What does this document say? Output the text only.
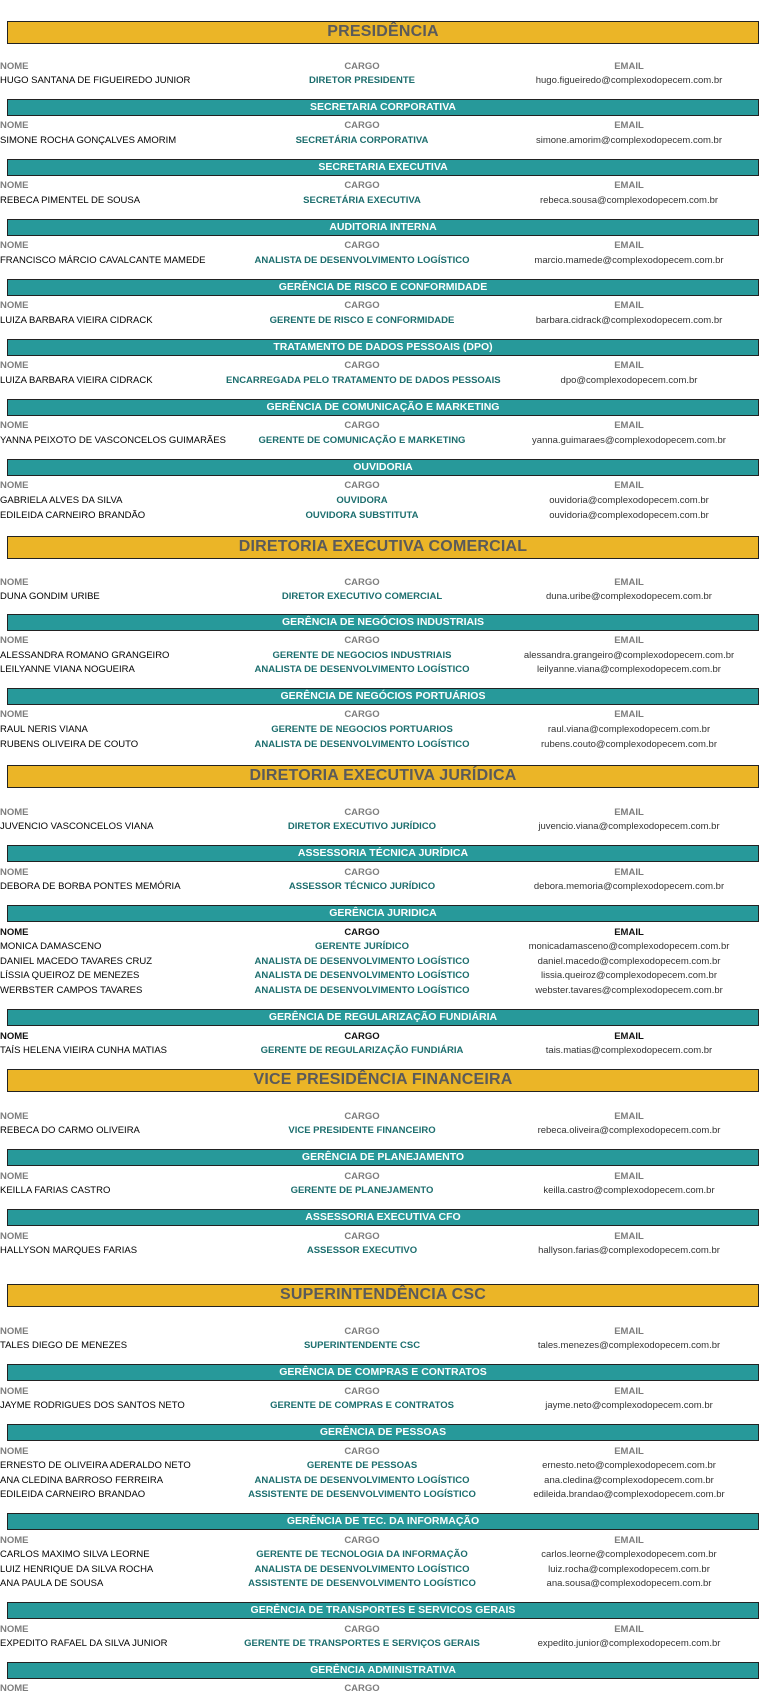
PRESIDÊNCIA
NOME	CARGO	EMAIL
HUGO SANTANA DE FIGUEIREDO JUNIOR	DIRETOR PRESIDENTE	hugo.figueiredo@complexodopecem.com.br
SECRETARIA CORPORATIVA
NOME	CARGO	EMAIL
SIMONE ROCHA GONÇALVES AMORIM	SECRETÁRIA CORPORATIVA	simone.amorim@complexodopecem.com.br
SECRETARIA EXECUTIVA
NOME	CARGO	EMAIL
REBECA PIMENTEL DE SOUSA	SECRETÁRIA EXECUTIVA	rebeca.sousa@complexodopecem.com.br
AUDITORIA INTERNA
NOME	CARGO	EMAIL
FRANCISCO MÁRCIO CAVALCANTE MAMEDE	ANALISTA DE DESENVOLVIMENTO LOGÍSTICO	marcio.mamede@complexodopecem.com.br
GERÊNCIA DE RISCO E CONFORMIDADE
NOME	CARGO	EMAIL
LUIZA BARBARA VIEIRA CIDRACK	GERENTE DE RISCO E CONFORMIDADE	barbara.cidrack@complexodopecem.com.br
TRATAMENTO DE DADOS PESSOAIS (DPO)
NOME	CARGO	EMAIL
LUIZA BARBARA VIEIRA CIDRACK	ENCARREGADA PELO TRATAMENTO DE DADOS PESSOAIS	dpo@complexodopecem.com.br
GERÊNCIA DE COMUNICAÇÃO E MARKETING
NOME	CARGO	EMAIL
YANNA PEIXOTO DE VASCONCELOS GUIMARÃES	GERENTE DE COMUNICAÇÃO E MARKETING	yanna.guimaraes@complexodopecem.com.br
OUVIDORIA
NOME	CARGO	EMAIL
GABRIELA ALVES DA SILVA	OUVIDORA	ouvidoria@complexodopecem.com.br
EDILEIDA CARNEIRO BRANDÃO	OUVIDORA SUBSTITUTA	ouvidoria@complexodopecem.com.br
DIRETORIA EXECUTIVA COMERCIAL
NOME	CARGO	EMAIL
DUNA GONDIM URIBE	DIRETOR EXECUTIVO COMERCIAL	duna.uribe@complexodopecem.com.br
GERÊNCIA DE NEGÓCIOS INDUSTRIAIS
NOME	CARGO	EMAIL
ALESSANDRA ROMANO GRANGEIRO	GERENTE DE NEGOCIOS INDUSTRIAIS	alessandra.grangeiro@complexodopecem.com.br
LEILYANNE VIANA NOGUEIRA	ANALISTA DE DESENVOLVIMENTO LOGÍSTICO	leilyanne.viana@complexodopecem.com.br
GERÊNCIA DE NEGÓCIOS PORTUÁRIOS
NOME	CARGO	EMAIL
RAUL NERIS VIANA	GERENTE DE NEGOCIOS PORTUARIOS	raul.viana@complexodopecem.com.br
RUBENS OLIVEIRA DE COUTO	ANALISTA DE DESENVOLVIMENTO LOGÍSTICO	rubens.couto@complexodopecem.com.br
DIRETORIA EXECUTIVA JURÍDICA
NOME	CARGO	EMAIL
JUVENCIO VASCONCELOS VIANA	DIRETOR EXECUTIVO JURÍDICO	juvencio.viana@complexodopecem.com.br
ASSESSORIA TÉCNICA JURÍDICA
NOME	CARGO	EMAIL
DEBORA DE BORBA PONTES MEMÓRIA	ASSESSOR TÉCNICO JURÍDICO	debora.memoria@complexodopecem.com.br
GERÊNCIA JURIDICA
NOME	CARGO	EMAIL
MONICA DAMASCENO	GERENTE JURÍDICO	monicadamasceno@complexodopecem.com.br
DANIEL MACEDO TAVARES CRUZ	ANALISTA DE DESENVOLVIMENTO LOGÍSTICO	daniel.macedo@complexodopecem.com.br
LÍSSIA QUEIROZ DE MENEZES	ANALISTA DE DESENVOLVIMENTO LOGÍSTICO	lissia.queiroz@complexodopecem.com.br
WERBSTER CAMPOS TAVARES	ANALISTA DE DESENVOLVIMENTO LOGÍSTICO	webster.tavares@complexodopecem.com.br
GERÊNCIA DE REGULARIZAÇÃO FUNDIÁRIA
NOME	CARGO	EMAIL
TAÍS HELENA VIEIRA CUNHA MATIAS	GERENTE DE REGULARIZAÇÃO FUNDIÁRIA	tais.matias@complexodopecem.com.br
VICE PRESIDÊNCIA FINANCEIRA
NOME	CARGO	EMAIL
REBECA DO CARMO OLIVEIRA	VICE PRESIDENTE FINANCEIRO	rebeca.oliveira@complexodopecem.com.br
GERÊNCIA DE PLANEJAMENTO
NOME	CARGO	EMAIL
KEILLA FARIAS CASTRO	GERENTE DE PLANEJAMENTO	keilla.castro@complexodopecem.com.br
ASSESSORIA EXECUTIVA CFO
NOME	CARGO	EMAIL
HALLYSON MARQUES FARIAS	ASSESSOR EXECUTIVO	hallyson.farias@complexodopecem.com.br
SUPERINTENDÊNCIA CSC
NOME	CARGO	EMAIL
TALES DIEGO DE MENEZES	SUPERINTENDENTE CSC	tales.menezes@complexodopecem.com.br
GERÊNCIA DE COMPRAS E CONTRATOS
NOME	CARGO	EMAIL
JAYME RODRIGUES DOS SANTOS NETO	GERENTE DE COMPRAS E CONTRATOS	jayme.neto@complexodopecem.com.br
GERÊNCIA DE PESSOAS
NOME	CARGO	EMAIL
ERNESTO DE OLIVEIRA ADERALDO NETO	GERENTE DE PESSOAS	ernesto.neto@complexodopecem.com.br
ANA CLEDINA BARROSO FERREIRA	ANALISTA DE DESENVOLVIMENTO LOGÍSTICO	ana.cledina@complexodopecem.com.br
EDILEIDA CARNEIRO BRANDAO	ASSISTENTE DE DESENVOLVIMENTO LOGÍSTICO	edileida.brandao@complexodopecem.com.br
GERÊNCIA DE TEC. DA INFORMAÇÃO
NOME	CARGO	EMAIL
CARLOS MAXIMO SILVA LEORNE	GERENTE DE TECNOLOGIA DA INFORMAÇÃO	carlos.leorne@complexodopecem.com.br
LUIZ HENRIQUE DA SILVA ROCHA	ANALISTA DE DESENVOLVIMENTO LOGÍSTICO	luiz.rocha@complexodopecem.com.br
ANA PAULA DE SOUSA	ASSISTENTE DE DESENVOLVIMENTO LOGÍSTICO	ana.sousa@complexodopecem.com.br
GERÊNCIA DE TRANSPORTES E SERVICOS GERAIS
NOME	CARGO	EMAIL
EXPEDITO RAFAEL DA SILVA JUNIOR	GERENTE DE TRANSPORTES E SERVIÇOS GERAIS	expedito.junior@complexodopecem.com.br
GERÊNCIA ADMINISTRATIVA
NOME	CARGO
